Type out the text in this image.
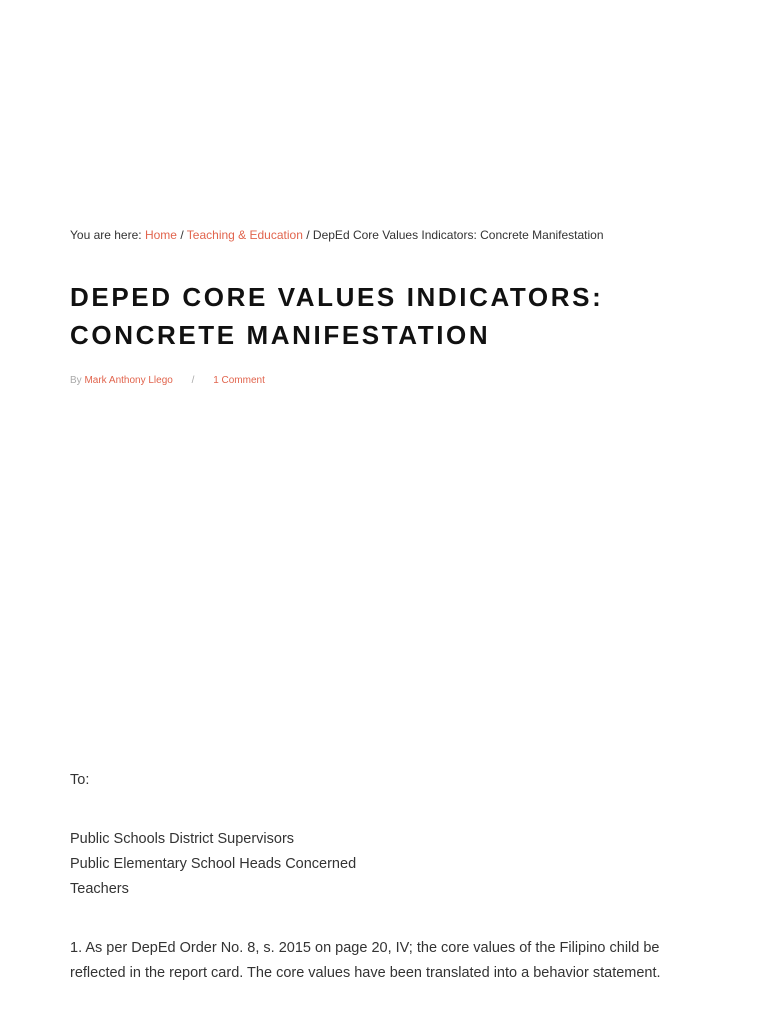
You are here: Home / Teaching & Education / DepEd Core Values Indicators: Concrete Manifestation
DEPED CORE VALUES INDICATORS: CONCRETE MANIFESTATION
By Mark Anthony Llego / 1 Comment

To:

Public Schools District Supervisors
Public Elementary School Heads Concerned
Teachers

1. As per DepEd Order No. 8, s. 2015 on page 20, IV; the core values of the Filipino child be reflected in the report card. The core values have been translated into a behavior statement.
